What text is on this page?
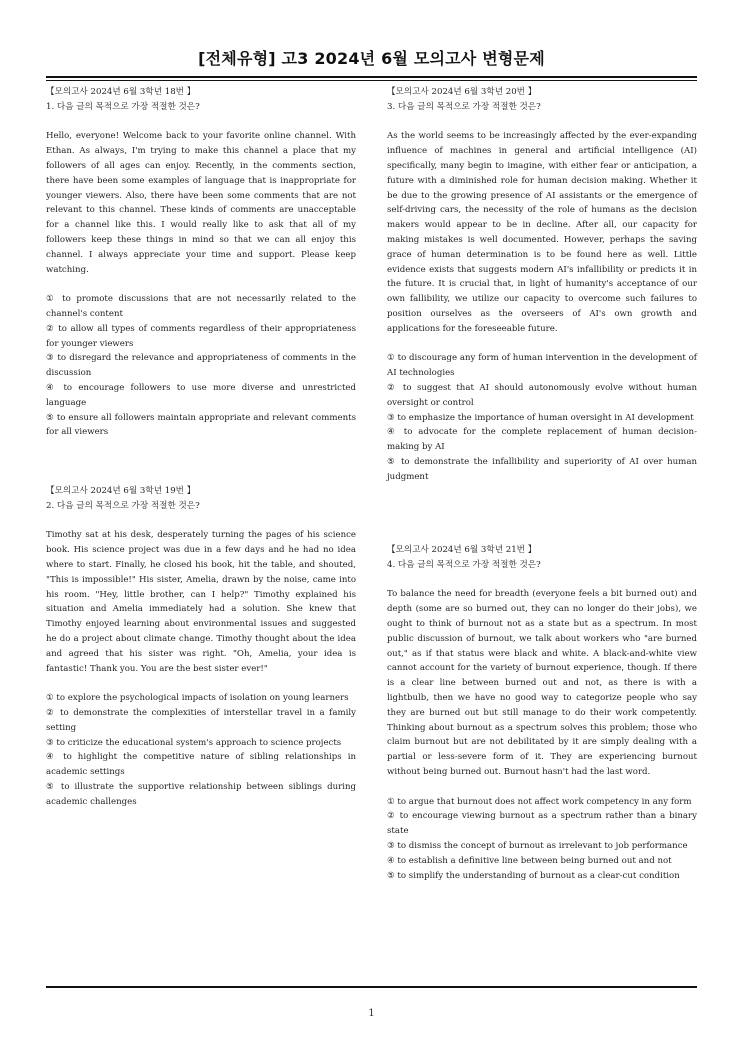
[전체유형] 고3 2024년 6월 모의고사 변형문제

【모의고사 2024년 6월 3학년 18번 】

1. 다음 글의 목적으로 가장 적절한 것은?

Hello, everyone! Welcome back to your favorite online channel. With Ethan. As always, I'm trying to make this channel a place that my followers of all ages can enjoy. Recently, in the comments section, there have been some examples of language that is inappropriate for younger viewers. Also, there have been some comments that are not relevant to this channel. These kinds of comments are unacceptable for a channel like this. I would really like to ask that all of my followers keep these things in mind so that we can all enjoy this channel. I always appreciate your time and support. Please keep watching.

① to promote discussions that are not necessarily related to the channel's content
② to allow all types of comments regardless of their appropriateness for younger viewers
③ to disregard the relevance and appropriateness of comments in the discussion
④ to encourage followers to use more diverse and unrestricted language
⑤ to ensure all followers maintain appropriate and relevant comments for all viewers

【모의고사 2024년 6월 3학년 19번 】

2. 다음 글의 목적으로 가장 적절한 것은?

Timothy sat at his desk, desperately turning the pages of his science book. His science project was due in a few days and he had no idea where to start. Finally, he closed his book, hit the table, and shouted, "This is impossible!" His sister, Amelia, drawn by the noise, came into his room. "Hey, little brother, can I help?" Timothy explained his situation and Amelia immediately had a solution. She knew that Timothy enjoyed learning about environmental issues and suggested he do a project about climate change. Timothy thought about the idea and agreed that his sister was right. "Oh, Amelia, your idea is fantastic! Thank you. You are the best sister ever!"

① to explore the psychological impacts of isolation on young learners
② to demonstrate the complexities of interstellar travel in a family setting
③ to criticize the educational system's approach to science projects
④ to highlight the competitive nature of sibling relationships in academic settings
⑤ to illustrate the supportive relationship between siblings during academic challenges

【모의고사 2024년 6월 3학년 20번 】

3. 다음 글의 목적으로 가장 적절한 것은?

As the world seems to be increasingly affected by the ever-expanding influence of machines in general and artificial intelligence (AI) specifically, many begin to imagine, with either fear or anticipation, a future with a diminished role for human decision making. Whether it be due to the growing presence of AI assistants or the emergence of self-driving cars, the necessity of the role of humans as the decision makers would appear to be in decline. After all, our capacity for making mistakes is well documented. However, perhaps the saving grace of human determination is to be found here as well. Little evidence exists that suggests modern AI's infallibility or predicts it in the future. It is crucial that, in light of humanity's acceptance of our own fallibility, we utilize our capacity to overcome such failures to position ourselves as the overseers of AI's own growth and applications for the foreseeable future.

① to discourage any form of human intervention in the development of AI technologies
② to suggest that AI should autonomously evolve without human oversight or control
③ to emphasize the importance of human oversight in AI development
④ to advocate for the complete replacement of human decision-making by AI
⑤ to demonstrate the infallibility and superiority of AI over human judgment

【모의고사 2024년 6월 3학년 21번 】

4. 다음 글의 목적으로 가장 적절한 것은?

To balance the need for breadth (everyone feels a bit burned out) and depth (some are so burned out, they can no longer do their jobs), we ought to think of burnout not as a state but as a spectrum. In most public discussion of burnout, we talk about workers who "are burned out," as if that status were black and white. A black-and-white view cannot account for the variety of burnout experience, though. If there is a clear line between burned out and not, as there is with a lightbulb, then we have no good way to categorize people who say they are burned out but still manage to do their work competently. Thinking about burnout as a spectrum solves this problem; those who claim burnout but are not debilitated by it are simply dealing with a partial or less-severe form of it. They are experiencing burnout without being burned out. Burnout hasn't had the last word.

① to argue that burnout does not affect work competency in any form
② to encourage viewing burnout as a spectrum rather than a binary state
③ to dismiss the concept of burnout as irrelevant to job performance
④ to establish a definitive line between being burned out and not
⑤ to simplify the understanding of burnout as a clear-cut condition
1
